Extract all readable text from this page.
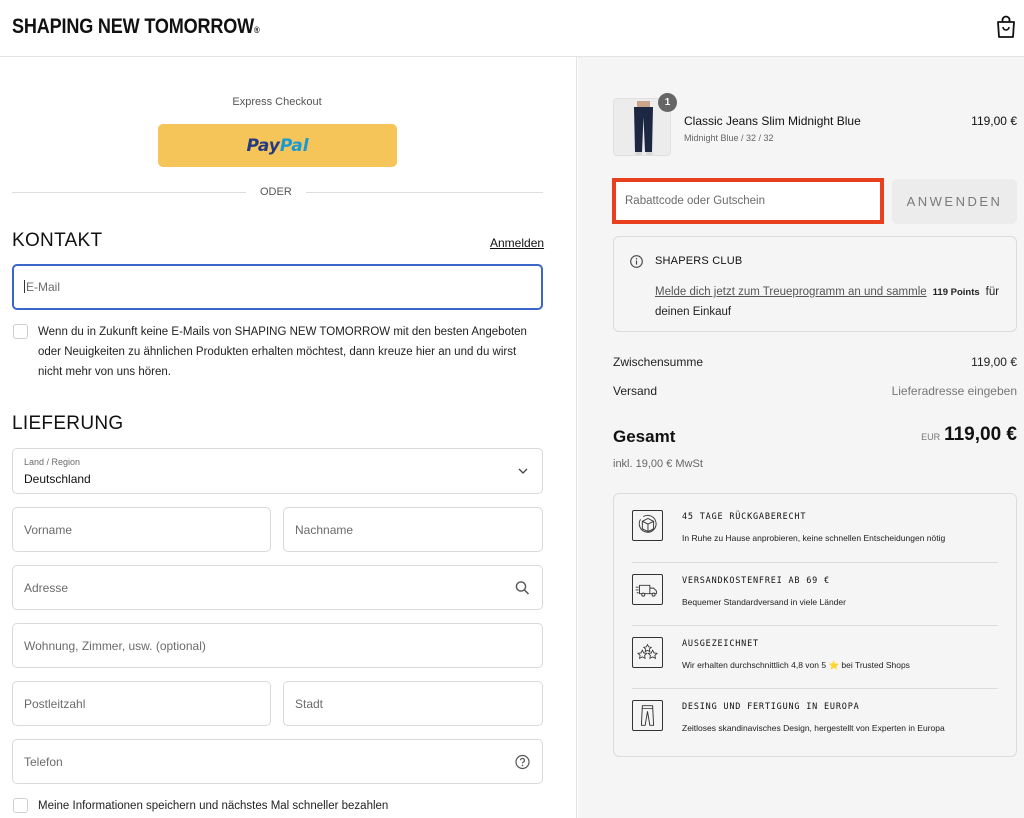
SHAPING NEW TOMORROW®
Express Checkout
PayPal
ODER
KONTAKT	Anmelden
E-Mail
Wenn du in Zukunft keine E-Mails von SHAPING NEW TOMORROW mit den besten Angeboten oder Neuigkeiten zu ähnlichen Produkten erhalten möchtest, dann kreuze hier an und du wirst nicht mehr von uns hören.
LIEFERUNG
Land / Region
Deutschland
Vorname	Nachname
Adresse
Wohnung, Zimmer, usw. (optional)
Postleitzahl	Stadt
Telefon
Meine Informationen speichern und nächstes Mal schneller bezahlen
1
Classic Jeans Slim Midnight Blue
Midnight Blue / 32 / 32
119,00 €
Rabattcode oder Gutschein	ANWENDEN
SHAPERS CLUB
Melde dich jetzt zum Treueprogramm an und sammle 119 Points für
deinen Einkauf
Zwischensumme	119,00 €
Versand	Lieferadresse eingeben
Gesamt	EUR 119,00 €
inkl. 19,00 € MwSt
45 TAGE RÜCKGABERECHT
In Ruhe zu Hause anprobieren, keine schnellen Entscheidungen nötig
VERSANDKOSTENFREI AB 69 €
Bequemer Standardversand in viele Länder
AUSGEZEICHNET
Wir erhalten durchschnittlich 4,8 von 5 ⭐ bei Trusted Shops
DESING UND FERTIGUNG IN EUROPA
Zeitloses skandinavisches Design, hergestellt von Experten in Europa
